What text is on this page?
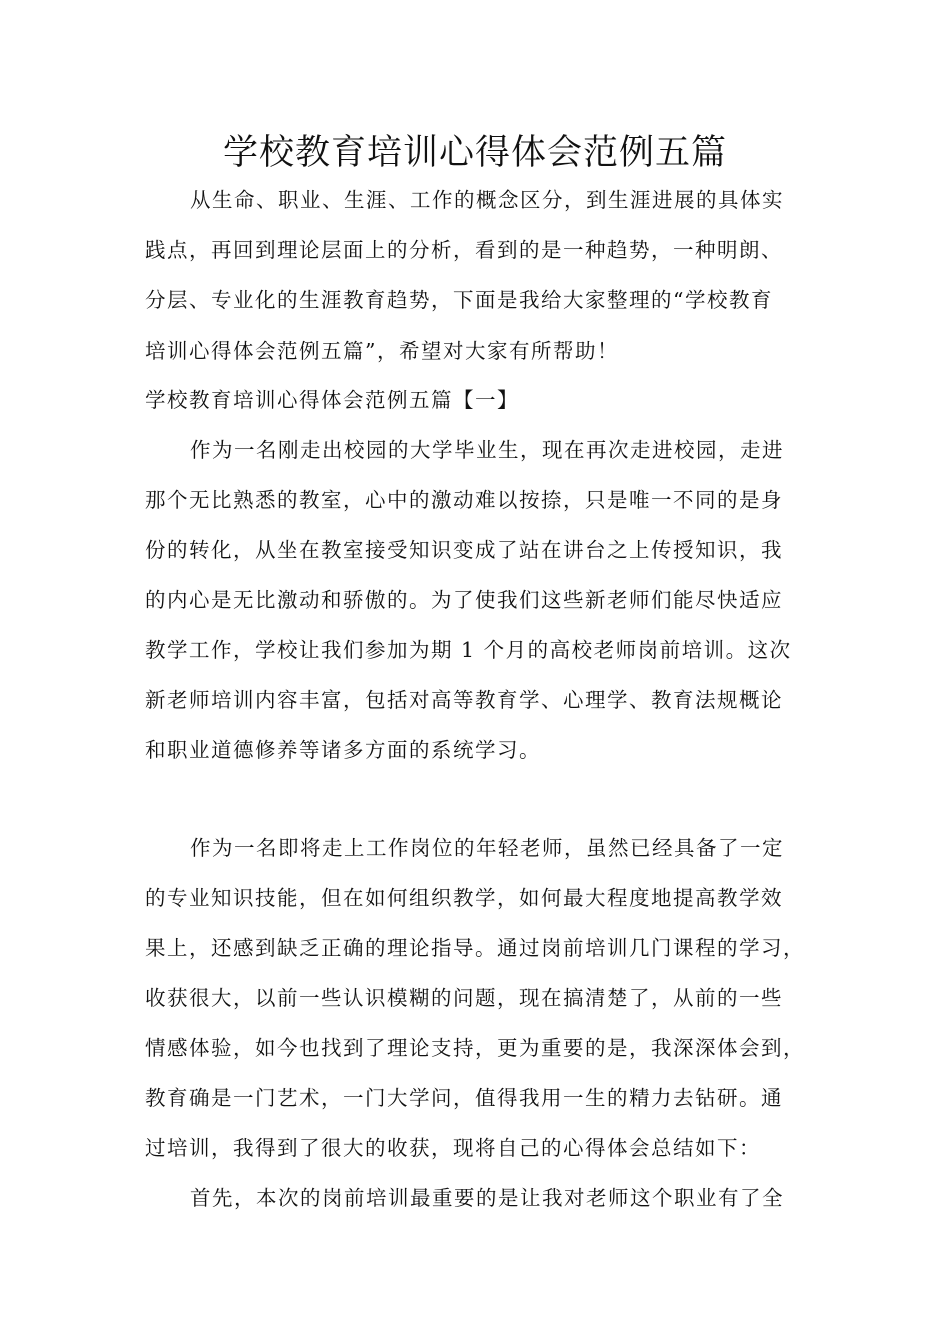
学校教育培训心得体会范例五篇
从生命、职业、生涯、工作的概念区分，到生涯进展的具体实
践点，再回到理论层面上的分析，看到的是一种趋势，一种明朗、
分层、专业化的生涯教育趋势，下面是我给大家整理的“学校教育
培训心得体会范例五篇”，希望对大家有所帮助！
学校教育培训心得体会范例五篇【一】
作为一名刚走出校园的大学毕业生，现在再次走进校园，走进
那个无比熟悉的教室，心中的激动难以按捺，只是唯一不同的是身
份的转化，从坐在教室接受知识变成了站在讲台之上传授知识，我
的内心是无比激动和骄傲的。为了使我们这些新老师们能尽快适应
教学工作，学校让我们参加为期 1 个月的高校老师岗前培训。这次
新老师培训内容丰富，包括对高等教育学、心理学、教育法规概论
和职业道德修养等诸多方面的系统学习。
作为一名即将走上工作岗位的年轻老师，虽然已经具备了一定
的专业知识技能，但在如何组织教学，如何最大程度地提高教学效
果上，还感到缺乏正确的理论指导。通过岗前培训几门课程的学习，
收获很大，以前一些认识模糊的问题，现在搞清楚了，从前的一些
情感体验，如今也找到了理论支持，更为重要的是，我深深体会到，
教育确是一门艺术，一门大学问，值得我用一生的精力去钻研。通
过培训，我得到了很大的收获，现将自己的心得体会总结如下：
首先，本次的岗前培训最重要的是让我对老师这个职业有了全
